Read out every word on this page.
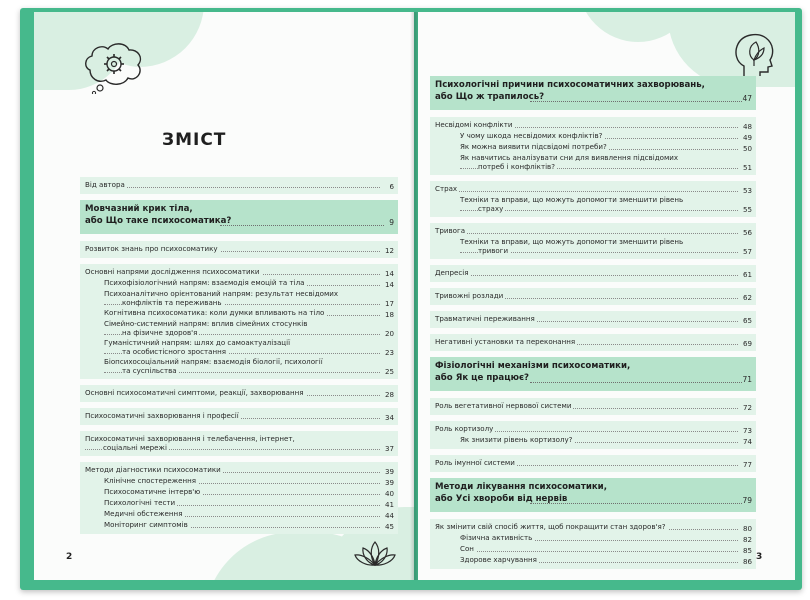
ЗМІСТ
Від автора	6
Мовчазний крик тіла,
або Що таке психосоматика?	9
Розвиток знань про психосоматику	12
Основні напрями дослідження психосоматики	14
Психофізіологічний напрям: взаємодія емоцій та тіла	14
Психоаналітично орієнтований напрям: результат несвідомих
конфліктів та переживань	17
Когнітивна психосоматика: коли думки впливають на тіло	18
Сімейно-системний напрям: вплив сімейних стосунків
на фізичне здоров'я	20
Гуманістичний напрям: шлях до самоактуалізації
та особистісного зростання	23
Біопсихосоціальний напрям: взаємодія біології, психології
та суспільства	25
Основні психосоматичні симптоми, реакції, захворювання	28
Психосоматичні захворювання і професії	34
Психосоматичні захворювання і телебачення, інтернет,
соціальні мережі	37
Методи діагностики психосоматики	39
Клінічне спостереження	39
Психосоматичне інтерв'ю	40
Психологічні тести	41
Медичні обстеження	44
Моніторинг симптомів	45
2
Психологічні причини психосоматичних захворювань,
або Що ж трапилось?	47
Несвідомі конфлікти	48
У чому шкода несвідомих конфліктів?	49
Як можна виявити підсвідомі потреби?	50
Як навчитись аналізувати сни для виявлення підсвідомих
потреб і конфліктів?	51
Страх	53
Техніки та вправи, що можуть допомогти зменшити рівень
страху	55
Тривога	56
Техніки та вправи, що можуть допомогти зменшити рівень
тривоги	57
Депресія	61
Тривожні розлади	62
Травматичні переживання	65
Негативні установки та переконання	69
Фізіологічні механізми психосоматики,
або Як це працює?	71
Роль вегетативної нервової системи	72
Роль кортизолу	73
Як знизити рівень кортизолу?	74
Роль імунної системи	77
Методи лікування психосоматики,
або Усі хвороби від нервів	79
Як змінити свій спосіб життя, щоб покращити стан здоров'я?	80
Фізична активність	82
Сон	85
Здорове харчування	86 3
